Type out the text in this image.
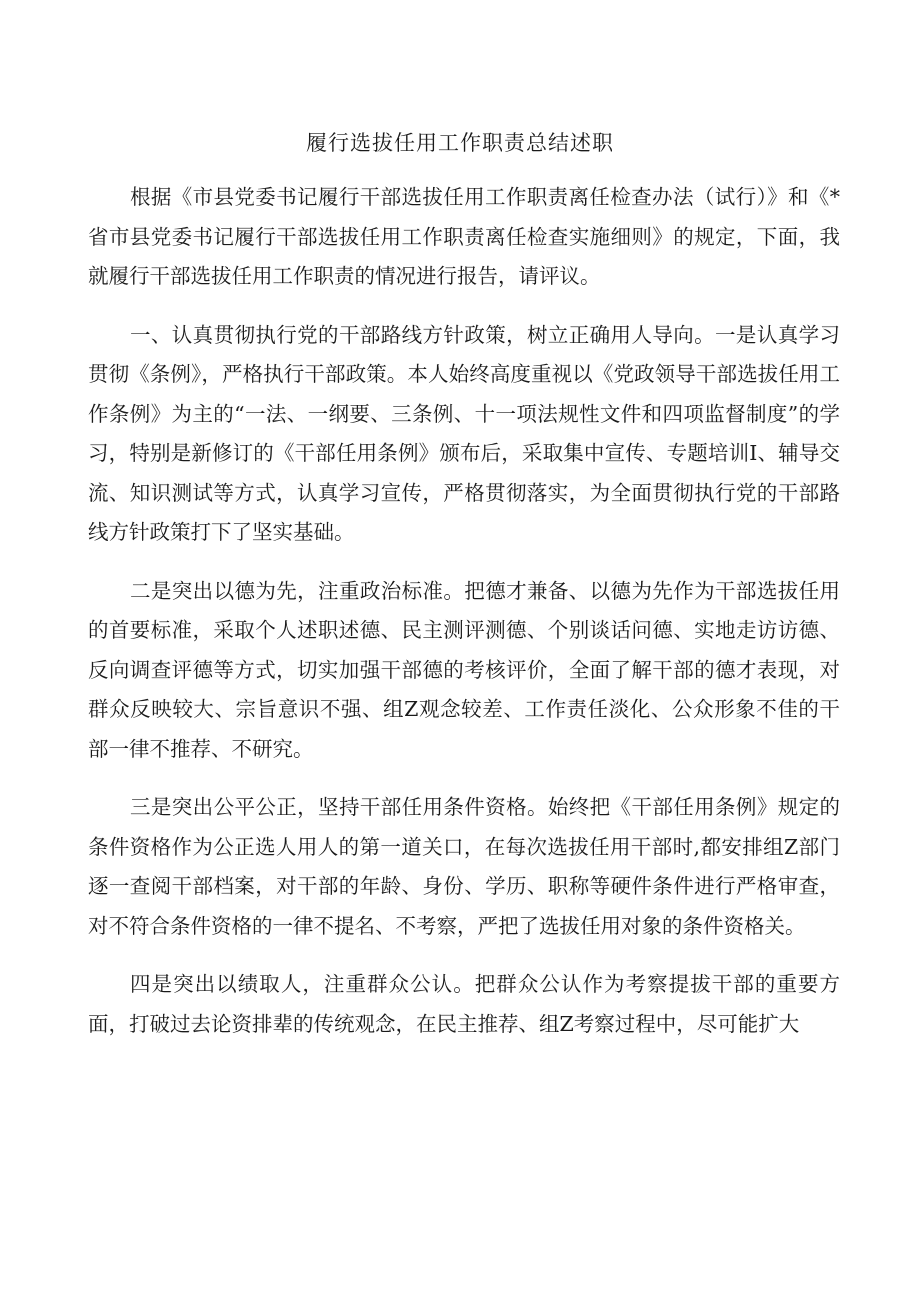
履行选拔任用工作职责总结述职

根据《市县党委书记履行干部选拔任用工作职责离任检查办法（试行）》和《*省市县党委书记履行干部选拔任用工作职责离任检查实施细则》的规定，下面，我就履行干部选拔任用工作职责的情况进行报告，请评议。

一、认真贯彻执行党的干部路线方针政策，树立正确用人导向。一是认真学习贯彻《条例》，严格执行干部政策。本人始终高度重视以《党政领导干部选拔任用工作条例》为主的“一法、一纲要、三条例、十一项法规性文件和四项监督制度”的学习，特别是新修订的《干部任用条例》颁布后，采取集中宣传、专题培训I、辅导交流、知识测试等方式，认真学习宣传，严格贯彻落实，为全面贯彻执行党的干部路线方针政策打下了坚实基础。

二是突出以德为先，注重政治标准。把德才兼备、以德为先作为干部选拔任用的首要标准，采取个人述职述德、民主测评测德、个别谈话问德、实地走访访德、反向调查评德等方式，切实加强干部德的考核评价，全面了解干部的德才表现，对群众反映较大、宗旨意识不强、组Z观念较差、工作责任淡化、公众形象不佳的干部一律不推荐、不研究。

三是突出公平公正，坚持干部任用条件资格。始终把《干部任用条例》规定的条件资格作为公正选人用人的第一道关口，在每次选拔任用干部时,都安排组Z部门逐一查阅干部档案，对干部的年龄、身份、学历、职称等硬件条件进行严格审查，对不符合条件资格的一律不提名、不考察，严把了选拔任用对象的条件资格关。

四是突出以绩取人，注重群众公认。把群众公认作为考察提拔干部的重要方面，打破过去论资排辈的传统观念，在民主推荐、组Z考察过程中，尽可能扩大
